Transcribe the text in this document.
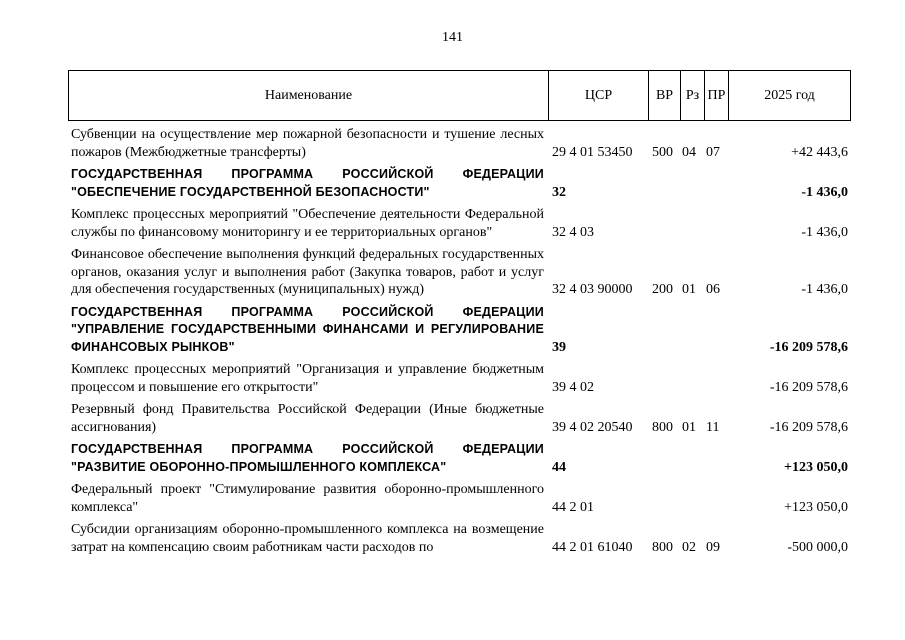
141
Наименование	ЦСР	ВР	Рз	ПР	2025 год
Субвенции на осуществление мер пожарной безопасности и тушение лесных пожаров (Межбюджетные трансферты)	29 4 01 53450	500	04	07	+42 443,6
ГОСУДАРСТВЕННАЯ ПРОГРАММА РОССИЙСКОЙ ФЕДЕРАЦИИ "ОБЕСПЕЧЕНИЕ ГОСУДАРСТВЕННОЙ БЕЗОПАСНОСТИ"	32				-1 436,0
Комплекс процессных мероприятий "Обеспечение деятельности Федеральной службы по финансовому мониторингу и ее территориальных органов"	32 4 03				-1 436,0
Финансовое обеспечение выполнения функций федеральных государственных органов, оказания услуг и выполнения работ (Закупка товаров, работ и услуг для обеспечения государственных (муниципальных) нужд)	32 4 03 90000	200	01	06	-1 436,0
ГОСУДАРСТВЕННАЯ ПРОГРАММА РОССИЙСКОЙ ФЕДЕРАЦИИ "УПРАВЛЕНИЕ ГОСУДАРСТВЕННЫМИ ФИНАНСАМИ И РЕГУЛИРОВАНИЕ ФИНАНСОВЫХ РЫНКОВ"	39				-16 209 578,6
Комплекс процессных мероприятий "Организация и управление бюджетным процессом и повышение его открытости"	39 4 02				-16 209 578,6
Резервный фонд Правительства Российской Федерации (Иные бюджетные ассигнования)	39 4 02 20540	800	01	11	-16 209 578,6
ГОСУДАРСТВЕННАЯ ПРОГРАММА РОССИЙСКОЙ ФЕДЕРАЦИИ "РАЗВИТИЕ ОБОРОННО-ПРОМЫШЛЕННОГО КОМПЛЕКСА"	44				+123 050,0
Федеральный проект "Стимулирование развития оборонно-промышленного комплекса"	44 2 01				+123 050,0
Субсидии организациям оборонно-промышленного комплекса на возмещение затрат на компенсацию своим работникам части расходов по	44 2 01 61040	800	02	09	-500 000,0
